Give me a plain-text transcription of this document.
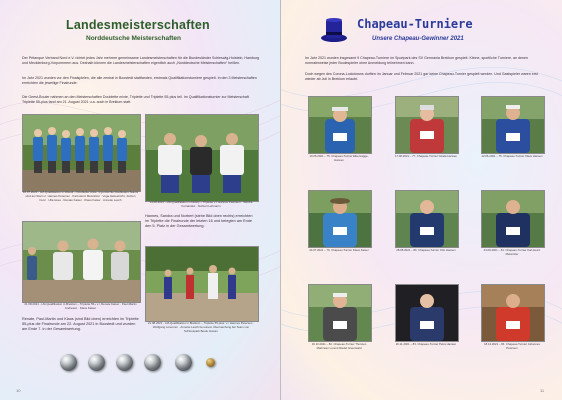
Landesmeisterschaften
Norddeutsche Meisterschaften
Der Pétanque Verband Nord e.V. richtet jedes Jahr mehrere gemeinsame Landesmeisterschaften für die Bundesländer Schleswig-Holstein, Hamburg und Mecklenburg-Vorpommern aus. Deshalb können die Landesmeisterschaften eigentlich auch „Norddeutsche Meisterschaften“ heißen.
Im Jahr 2021 wurden vor den Finalspielen, die alle zentral in Boostedt stattfanden, erstmals Qualifikationsturniere gespielt. In den 3 Meisterschaften erreichten die jeweilige Finalrunde:
Die Geest-Bouler nahmen an den Meisterschaften Doublette mixte, Triplette und Triplette 55-plus teil. Im Qualifikationsturnier zur Meisterschaft Triplette 55-plus fand am 21. August 2021 u.a. auch in Breklum statt.
10.07.2021 - LM-Qualifikation in Idstedt – Doublette mixte: 4 gemischte Doubletten-Teams sind am Start v.l. Hannes Petersen · Karl-Heinz Meisnitzer · Vega Hebestricht, Jochen Fenz · Ulla Hoes · Renato Kaiser · Klaus Kaiser · Annette Lesch
14.08.2021 - LM-Qualifikation in Husby – Triplette v.l. Hannes Petersen · Sandra Fernández · Norbert Lehmann
Hannes, Sandra und Norbert (siehe Bild oben rechts) erreichten im Triplette die Finalrunde der letzten 16 und belegten am Ende den 5. Platz in der Gesamtwertung.
21.08.2021 - LM-Qualifikation in Breklum – Triplette 55+ v.l. Renate Kaiser · Paul-Martin Andresen · Klaus Kaiser
21.08.2021 - LM-Qualifikation in Breklum – Triplette 55-plus: v.l. Hannes Petersen · Wolfgang Lorenzen · Annette Lesch bei einem Überraschung bei Team von Schlosspark Boule Husum
Renate, Paul-Martin und Klaus (sind Bild oben) erreichten im Triplette 55-plus die Finalrunde am 22. August 2021 in Boostedt und wurden am Ende 7. in der Gesamtwertung.
10
Chapeau-Turniere
Unsere Chapeau-Gewinner 2021
Im Jahr 2021 wurden insgesamt 9 Chapeau-Turniere im Sportpark des SV Germania Breklum gespielt. Kleine, sportliche Turniere, an denen normalerweise jeder Boulespieler ohne Anmeldung teilnehmen kann.
Doch wegen des Corona-Lockdowns durften im Januar und Februar 2021 gar keine Chapeau-Turnier gespielt werden. Und Gastspieler waren erst wieder ab Juli in Breklum erlaubt.
10.06.2021 – 75. Chapeau-Turnier Elke Hagge-Hansen
17.06.2021 – 77. Chapeau-Turnier Gisela Hansen	12.06.2021 – 75. Chapeau-Turnier Klaus Hansen
24.07.2021 – 79. Chapeau-Turnier Klaus Kaiser	28.08.2021 – 80. Chapeau-Turnier Otto Hansen	23.09.2021 – 81. Chapeau-Turnier Karl-Heinz Meisnitzer
16.10.2021 – 82. Chapeau-Turnier Thorsten Martinsen Lorenz-Riedel Greenwald
20.11.2021 – 83. Chapeau-Turnier Petra Hansen	18.12.2021 – 84. Chapeau-Turnier Johannes Petersen
11
